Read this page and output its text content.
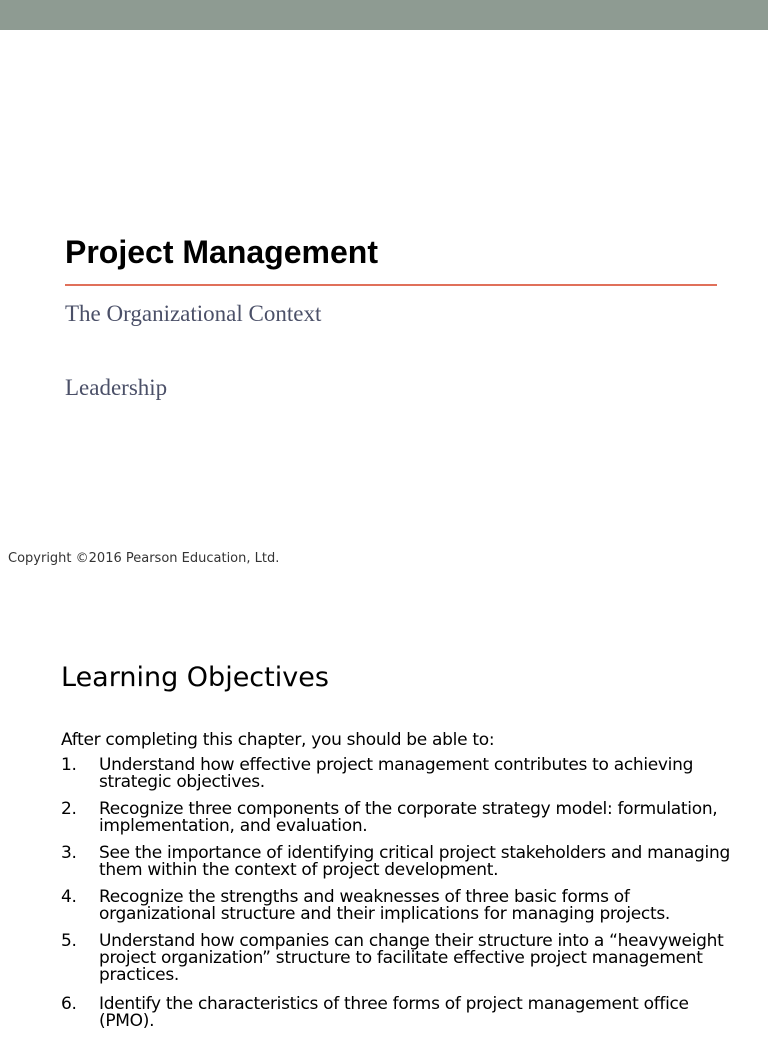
Project Management
The Organizational Context
Leadership
Copyright ©2016 Pearson Education, Ltd.
Learning Objectives
After completing this chapter, you should be able to:
1. Understand how effective project management contributes to achieving strategic objectives.
2. Recognize three components of the corporate strategy model: formulation, implementation, and evaluation.
3. See the importance of identifying critical project stakeholders and managing them within the context of project development.
4. Recognize the strengths and weaknesses of three basic forms of organizational structure and their implications for managing projects.
5. Understand how companies can change their structure into a “heavyweight project organization” structure to facilitate effective project management practices.
6. Identify the characteristics of three forms of project management office (PMO).
